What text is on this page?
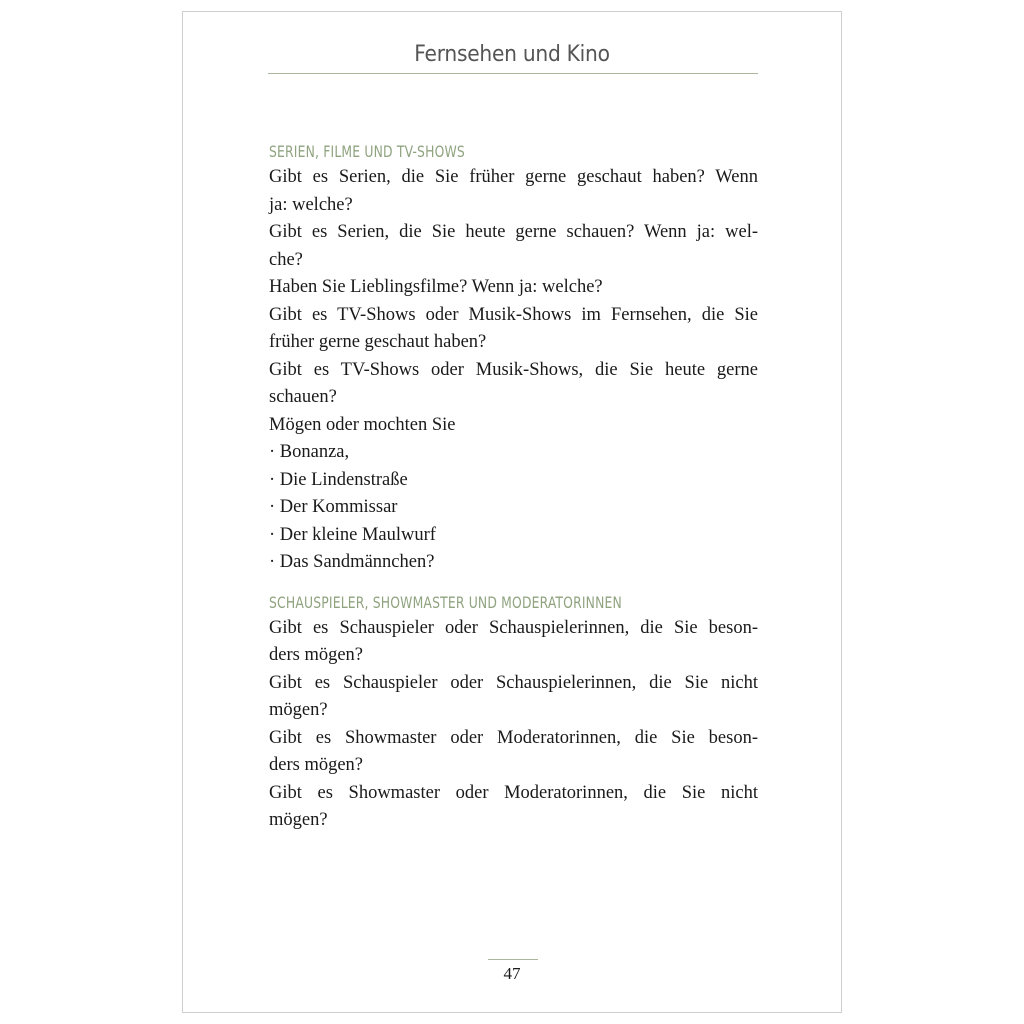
Fernsehen und Kino
SERIEN, FILME UND TV-SHOWS
Gibt es Serien, die Sie früher gerne geschaut haben? Wenn
ja: welche?
Gibt es Serien, die Sie heute gerne schauen? Wenn ja: wel-
che?
Haben Sie Lieblingsfilme? Wenn ja: welche?
Gibt es TV-Shows oder Musik-Shows im Fernsehen, die Sie
früher gerne geschaut haben?
Gibt es TV-Shows oder Musik-Shows, die Sie heute gerne
schauen?
Mögen oder mochten Sie
· Bonanza,
· Die Lindenstraße
· Der Kommissar
· Der kleine Maulwurf
· Das Sandmännchen?
SCHAUSPIELER, SHOWMASTER UND MODERATORINNEN
Gibt es Schauspieler oder Schauspielerinnen, die Sie beson-
ders mögen?
Gibt es Schauspieler oder Schauspielerinnen, die Sie nicht
mögen?
Gibt es Showmaster oder Moderatorinnen, die Sie beson-
ders mögen?
Gibt es Showmaster oder Moderatorinnen, die Sie nicht
mögen?
47
